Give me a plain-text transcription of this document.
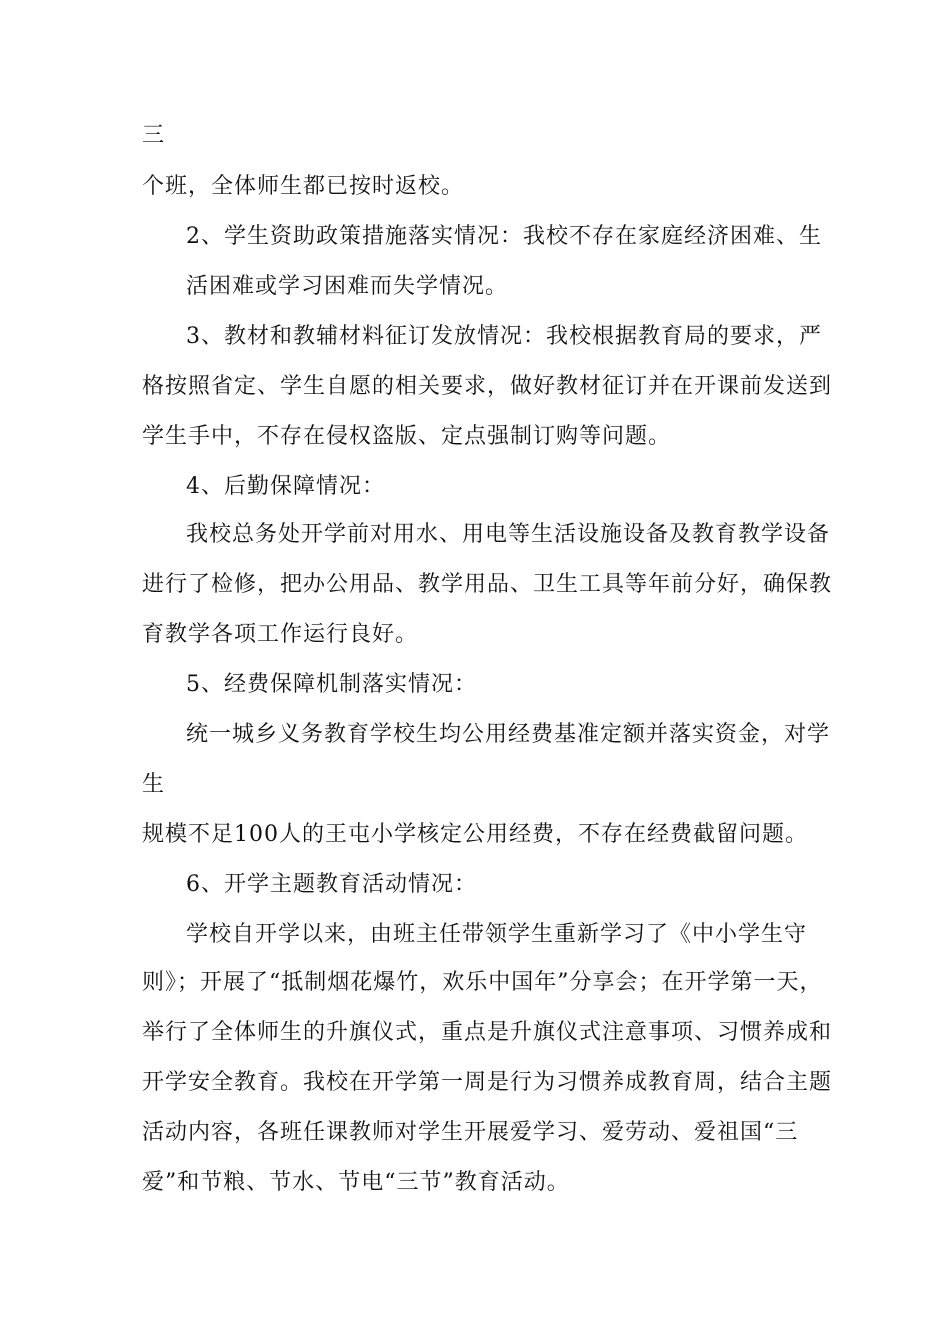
三
个班，全体师生都已按时返校。
2、学生资助政策措施落实情况：我校不存在家庭经济困难、生
活困难或学习困难而失学情况。
3、教材和教辅材料征订发放情况：我校根据教育局的要求，严
格按照省定、学生自愿的相关要求，做好教材征订并在开课前发送到
学生手中，不存在侵权盗版、定点强制订购等问题。
4、后勤保障情况：
我校总务处开学前对用水、用电等生活设施设备及教育教学设备
进行了检修，把办公用品、教学用品、卫生工具等年前分好，确保教
育教学各项工作运行良好。
5、经费保障机制落实情况：
统一城乡义务教育学校生均公用经费基准定额并落实资金，对学
生
规模不足100人的王屯小学核定公用经费，不存在经费截留问题。
6、开学主题教育活动情况：
学校自开学以来，由班主任带领学生重新学习了《中小学生守
则》；开展了“抵制烟花爆竹，欢乐中国年”分享会；在开学第一天，
举行了全体师生的升旗仪式，重点是升旗仪式注意事项、习惯养成和
开学安全教育。我校在开学第一周是行为习惯养成教育周，结合主题
活动内容，各班任课教师对学生开展爱学习、爱劳动、爱祖国“三
爱”和节粮、节水、节电“三节”教育活动。
